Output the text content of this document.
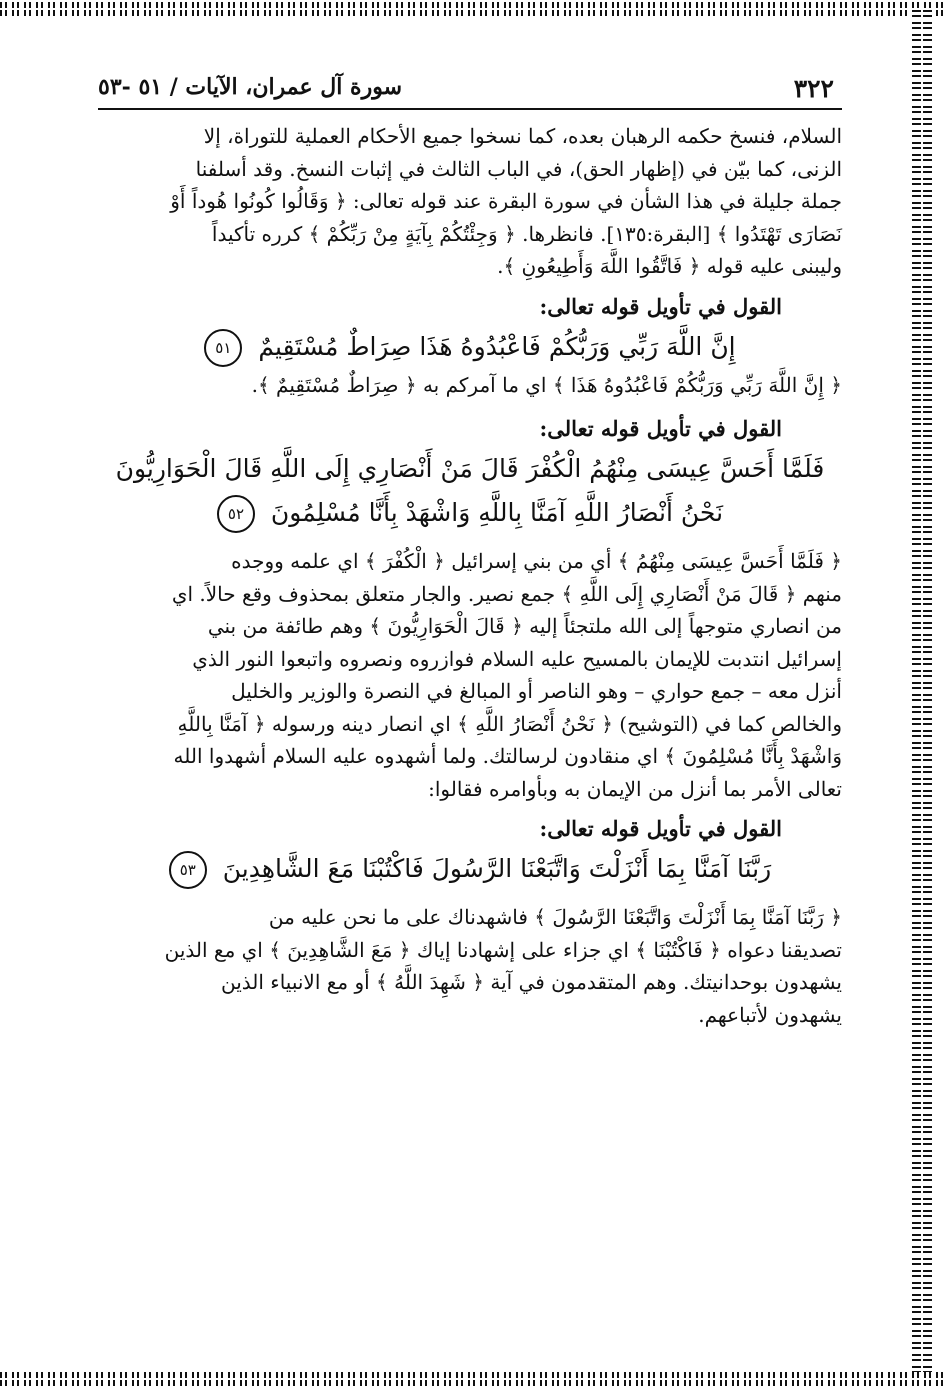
٣٢٢
سورة آل عمران، الآيات / ٥١ -٥٣

السلام، فنسخ حكمه الرهبان بعده، كما نسخوا جميع الأحكام العملية للتوراة، إلا

الزنى، كما بيّن في (إظهار الحق)، في الباب الثالث في إثبات النسخ. وقد أسلفنا

جملة جليلة في هذا الشأن في سورة البقرة عند قوله تعالى: ﴿ وَقَالُوا كُونُوا هُوداً أَوْ

نَصَارَى تَهْتَدُوا ﴾ [البقرة:١٣٥]. فانظرها. ﴿ وَجِئْتُكُمْ بِآيَةٍ مِنْ رَبِّكُمْ ﴾ كرره تأكيداً

وليبنى عليه قوله ﴿ فَاتَّقُوا اللَّهَ وَأَطِيعُونِ ﴾.

القول في تأويل قوله تعالى:

إِنَّ اللَّهَ رَبِّي وَرَبُّكُمْ فَاعْبُدُوهُ هَذَا صِرَاطٌ مُسْتَقِيمٌ ٥١

﴿ إِنَّ اللَّهَ رَبِّي وَرَبُّكُمْ فَاعْبُدُوهُ هَذَا ﴾ اي ما آمركم به ﴿ صِرَاطٌ مُسْتَقِيمٌ ﴾.

القول في تأويل قوله تعالى:

فَلَمَّا أَحَسَّ عِيسَى مِنْهُمُ الْكُفْرَ قَالَ مَنْ أَنْصَارِي إِلَى اللَّهِ قَالَ الْحَوَارِيُّونَ

نَحْنُ أَنْصَارُ اللَّهِ آمَنَّا بِاللَّهِ وَاشْهَدْ بِأَنَّا مُسْلِمُونَ ٥٢

﴿ فَلَمَّا أَحَسَّ عِيسَى مِنْهُمُ ﴾ أي من بني إسرائيل ﴿ الْكُفْرَ ﴾ اي علمه ووجده

منهم ﴿ قَالَ مَنْ أَنْصَارِي إِلَى اللَّهِ ﴾ جمع نصير. والجار متعلق بمحذوف وقع حالاً. اي

من انصاري متوجهاً إلى الله ملتجئاً إليه ﴿ قَالَ الْحَوَارِيُّونَ ﴾ وهم طائفة من بني

إسرائيل انتدبت للإيمان بالمسيح عليه السلام فوازروه ونصروه واتبعوا النور الذي

أنزل معه – جمع حواري – وهو الناصر أو المبالغ في النصرة والوزير والخليل

والخالص كما في (التوشيح) ﴿ نَحْنُ أَنْصَارُ اللَّهِ ﴾ اي انصار دينه ورسوله ﴿ آمَنَّا بِاللَّهِ

وَاشْهَدْ بِأَنَّا مُسْلِمُونَ ﴾ اي منقادون لرسالتك. ولما أشهدوه عليه السلام أشهدوا الله

تعالى الأمر بما أنزل من الإيمان به وبأوامره فقالوا:

القول في تأويل قوله تعالى:

رَبَّنَا آمَنَّا بِمَا أَنْزَلْتَ وَاتَّبَعْنَا الرَّسُولَ فَاكْتُبْنَا مَعَ الشَّاهِدِينَ ٥٣

﴿ رَبَّنَا آمَنَّا بِمَا أَنْزَلْتَ وَاتَّبَعْنَا الرَّسُولَ ﴾ فاشهدناك على ما نحن عليه من

تصديقنا دعواه ﴿ فَاكْتُبْنَا ﴾ اي جزاء على إشهادنا إياك ﴿ مَعَ الشَّاهِدِينَ ﴾ اي مع الذين

يشهدون بوحدانيتك. وهم المتقدمون في آية ﴿ شَهِدَ اللَّهُ ﴾ أو مع الانبياء الذين

يشهدون لأتباعهم.
